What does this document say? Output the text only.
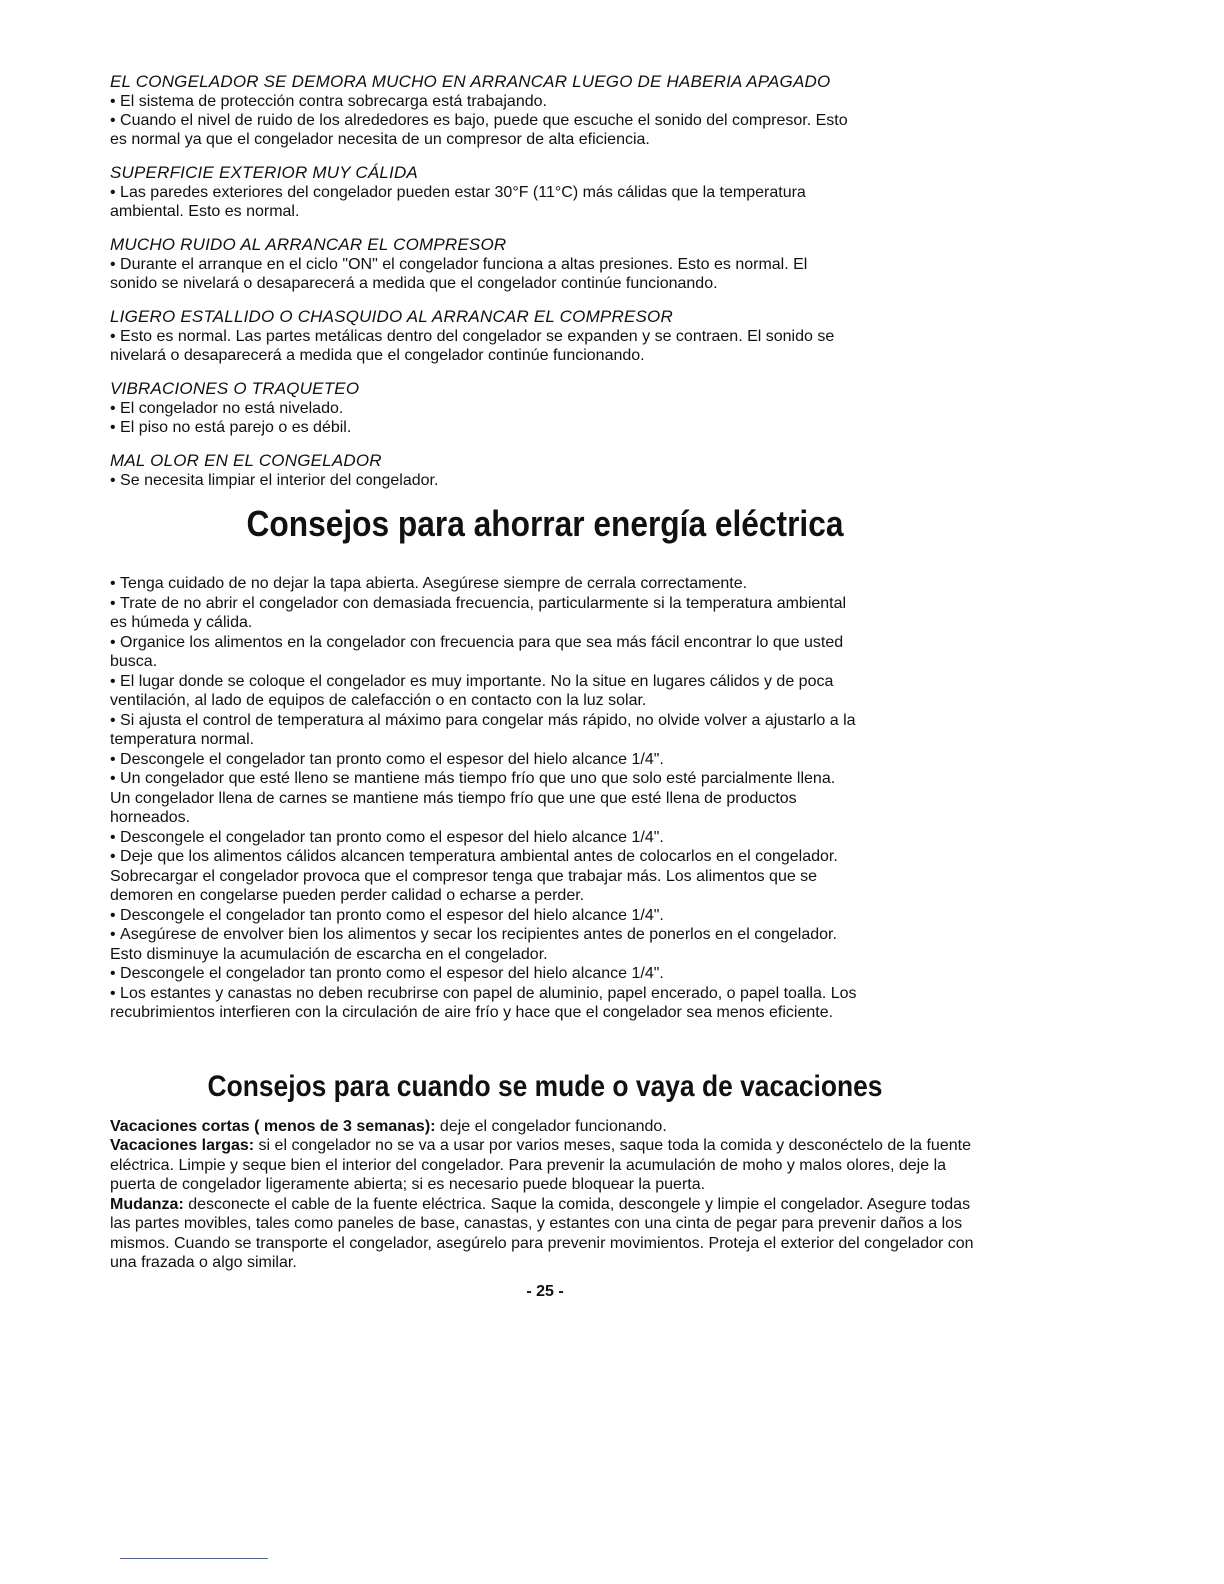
EL CONGELADOR SE DEMORA MUCHO EN ARRANCAR LUEGO DE HABERIA APAGADO

• El sistema de protección contra sobrecarga está trabajando.

• Cuando el nivel de ruido de los alrededores es bajo, puede que escuche el sonido del compresor. Esto

es normal ya que el congelador necesita de un compresor de alta eficiencia.

SUPERFICIE EXTERIOR MUY CÁLIDA

• Las paredes exteriores del congelador pueden estar 30°F (11°C) más cálidas que la temperatura

ambiental. Esto es normal.

MUCHO RUIDO AL ARRANCAR EL COMPRESOR

• Durante el arranque en el ciclo "ON" el congelador funciona a altas presiones. Esto es normal. El

sonido se nivelará o desaparecerá a medida que el congelador continúe funcionando.

LIGERO ESTALLIDO O CHASQUIDO AL ARRANCAR EL COMPRESOR

• Esto es normal. Las partes metálicas dentro del congelador se expanden y se contraen. El sonido se

nivelará o desaparecerá a medida que el congelador continúe funcionando.

VIBRACIONES O TRAQUETEO

• El congelador no está nivelado.

• El piso no está parejo o es débil.

MAL OLOR EN EL CONGELADOR

• Se necesita limpiar el interior del congelador.

Consejos para ahorrar energía eléctrica

• Tenga cuidado de no dejar la tapa abierta. Asegúrese siempre de cerrala correctamente.

• Trate de no abrir el congelador con demasiada frecuencia, particularmente si la temperatura ambiental

es húmeda y cálida.

• Organice los alimentos en la congelador con frecuencia para que sea más fácil encontrar lo que usted

busca.

• El lugar donde se coloque el congelador es muy importante. No la situe en lugares cálidos y de poca

ventilación, al lado de equipos de calefacción o en contacto con la luz solar.

• Si ajusta el control de temperatura al máximo para congelar más rápido, no olvide volver a ajustarlo a la

temperatura normal.

• Descongele el congelador tan pronto como el espesor del hielo alcance 1/4".

• Un congelador que esté lleno se mantiene más tiempo frío que uno que solo esté parcialmente llena.

Un congelador llena de carnes se mantiene más tiempo frío que une que esté llena de productos

horneados.

• Descongele el congelador tan pronto como el espesor del hielo alcance 1/4".

• Deje que los alimentos cálidos alcancen temperatura ambiental antes de colocarlos en el congelador.

Sobrecargar el congelador provoca que el compresor tenga que trabajar más. Los alimentos que se

demoren en congelarse pueden perder calidad o echarse a perder.

• Descongele el congelador tan pronto como el espesor del hielo alcance 1/4".

• Asegúrese de envolver bien los alimentos y secar los recipientes antes de ponerlos en el congelador.

Esto disminuye la acumulación de escarcha en el congelador.

• Descongele el congelador tan pronto como el espesor del hielo alcance 1/4".

• Los estantes y canastas no deben recubrirse con papel de aluminio, papel encerado, o papel toalla. Los

recubrimientos interfieren con la circulación de aire frío y hace que el congelador sea menos eficiente.

Consejos para cuando se mude o vaya de vacaciones

Vacaciones cortas ( menos de 3 semanas): deje el congelador funcionando.

Vacaciones largas: si el congelador no se va a usar por varios meses, saque toda la comida y desconéctelo de la fuente eléctrica. Limpie y seque bien el interior del congelador. Para prevenir la acumulación de moho y malos olores, deje la puerta de congelador ligeramente abierta; si es necesario puede bloquear la puerta.

Mudanza: desconecte el cable de la fuente eléctrica. Saque la comida, descongele y limpie el congelador. Asegure todas las partes movibles, tales como paneles de base, canastas, y estantes con una cinta de pegar para prevenir daños a los mismos. Cuando se transporte el congelador, asegúrelo para prevenir movimientos. Proteja el exterior del congelador con una frazada o algo similar.

- 25 -
